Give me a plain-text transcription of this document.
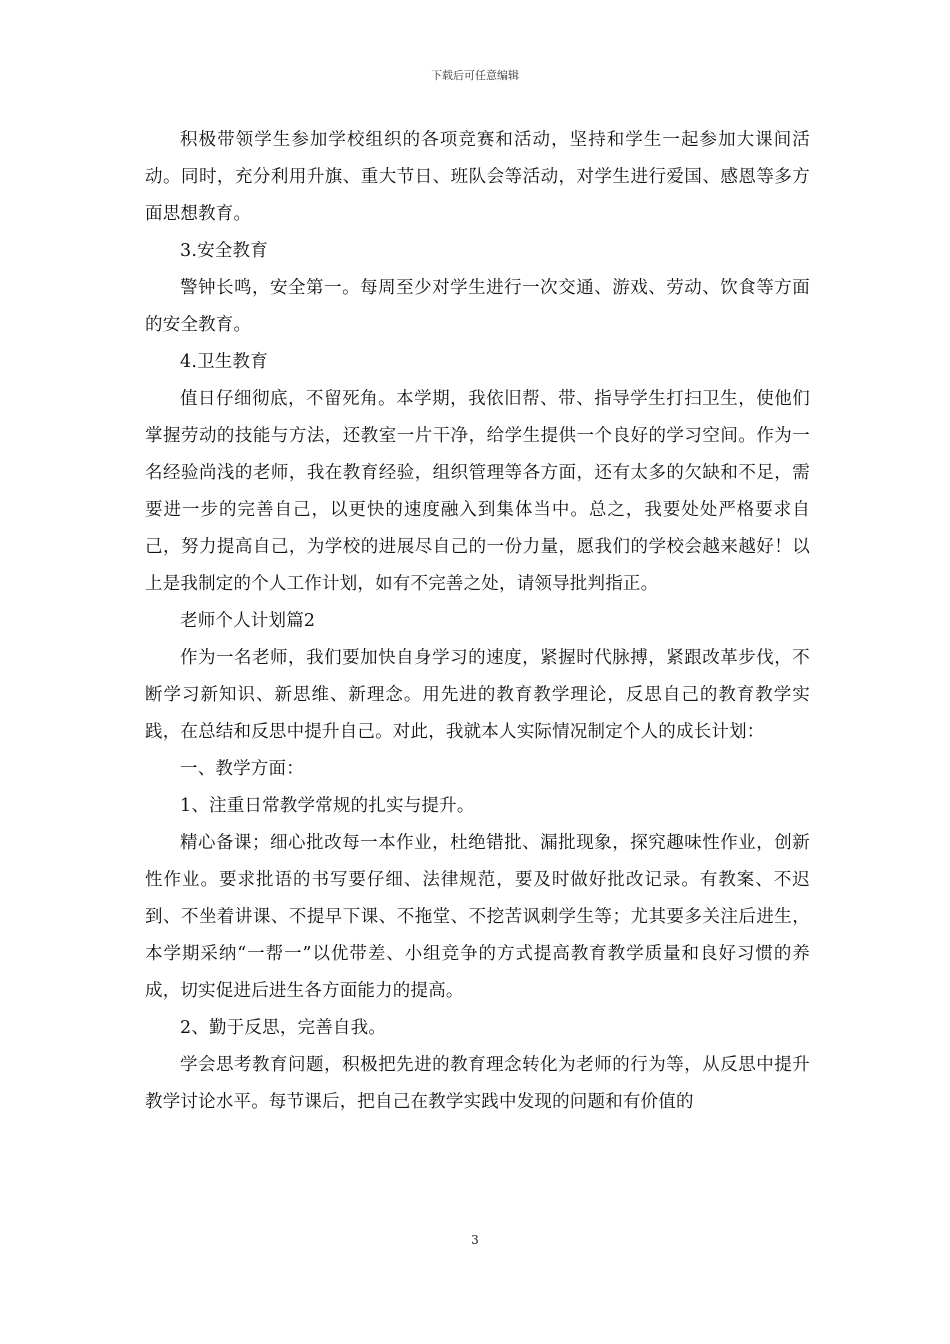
下载后可任意编辑

积极带领学生参加学校组织的各项竞赛和活动，坚持和学生一起参加大课间活动。同时，充分利用升旗、重大节日、班队会等活动，对学生进行爱国、感恩等多方面思想教育。

3.安全教育

警钟长鸣，安全第一。每周至少对学生进行一次交通、游戏、劳动、饮食等方面的安全教育。

4.卫生教育

值日仔细彻底，不留死角。本学期，我依旧帮、带、指导学生打扫卫生，使他们掌握劳动的技能与方法，还教室一片干净，给学生提供一个良好的学习空间。作为一名经验尚浅的老师，我在教育经验，组织管理等各方面，还有太多的欠缺和不足，需要进一步的完善自己，以更快的速度融入到集体当中。总之，我要处处严格要求自己，努力提高自己，为学校的进展尽自己的一份力量，愿我们的学校会越来越好！以上是我制定的个人工作计划，如有不完善之处，请领导批判指正。

老师个人计划篇2

作为一名老师，我们要加快自身学习的速度，紧握时代脉搏，紧跟改革步伐，不断学习新知识、新思维、新理念。用先进的教育教学理论，反思自己的教育教学实践，在总结和反思中提升自己。对此，我就本人实际情况制定个人的成长计划：

一、教学方面：

1、注重日常教学常规的扎实与提升。

精心备课；细心批改每一本作业，杜绝错批、漏批现象，探究趣味性作业，创新性作业。要求批语的书写要仔细、法律规范，要及时做好批改记录。有教案、不迟到、不坐着讲课、不提早下课、不拖堂、不挖苦讽刺学生等；尤其要多关注后进生，本学期采纳“一帮一”以优带差、小组竞争的方式提高教育教学质量和良好习惯的养成，切实促进后进生各方面能力的提高。

2、勤于反思，完善自我。

学会思考教育问题，积极把先进的教育理念转化为老师的行为等，从反思中提升教学讨论水平。每节课后，把自己在教学实践中发现的问题和有价值的

3
